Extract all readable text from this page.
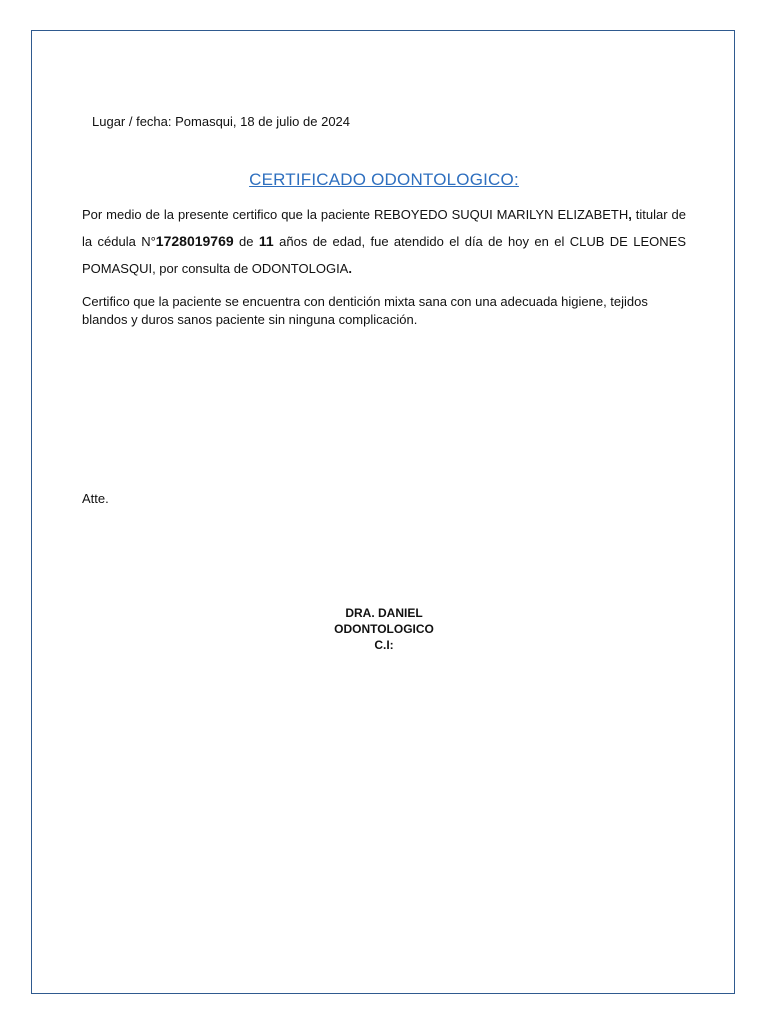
Lugar / fecha: Pomasqui, 18 de julio de 2024
CERTIFICADO ODONTOLOGICO:
Por medio de la presente certifico que la paciente REBOYEDO SUQUI MARILYN ELIZABETH, titular de la cédula N°1728019769 de 11 años de edad, fue atendido el día de hoy en el CLUB DE LEONES POMASQUI, por consulta de ODONTOLOGIA.
Certifico que la paciente se encuentra con dentición mixta sana con una adecuada higiene, tejidos blandos y duros sanos paciente sin ninguna complicación.
Atte.
DRA. DANIEL
ODONTOLOGICO
C.I:
